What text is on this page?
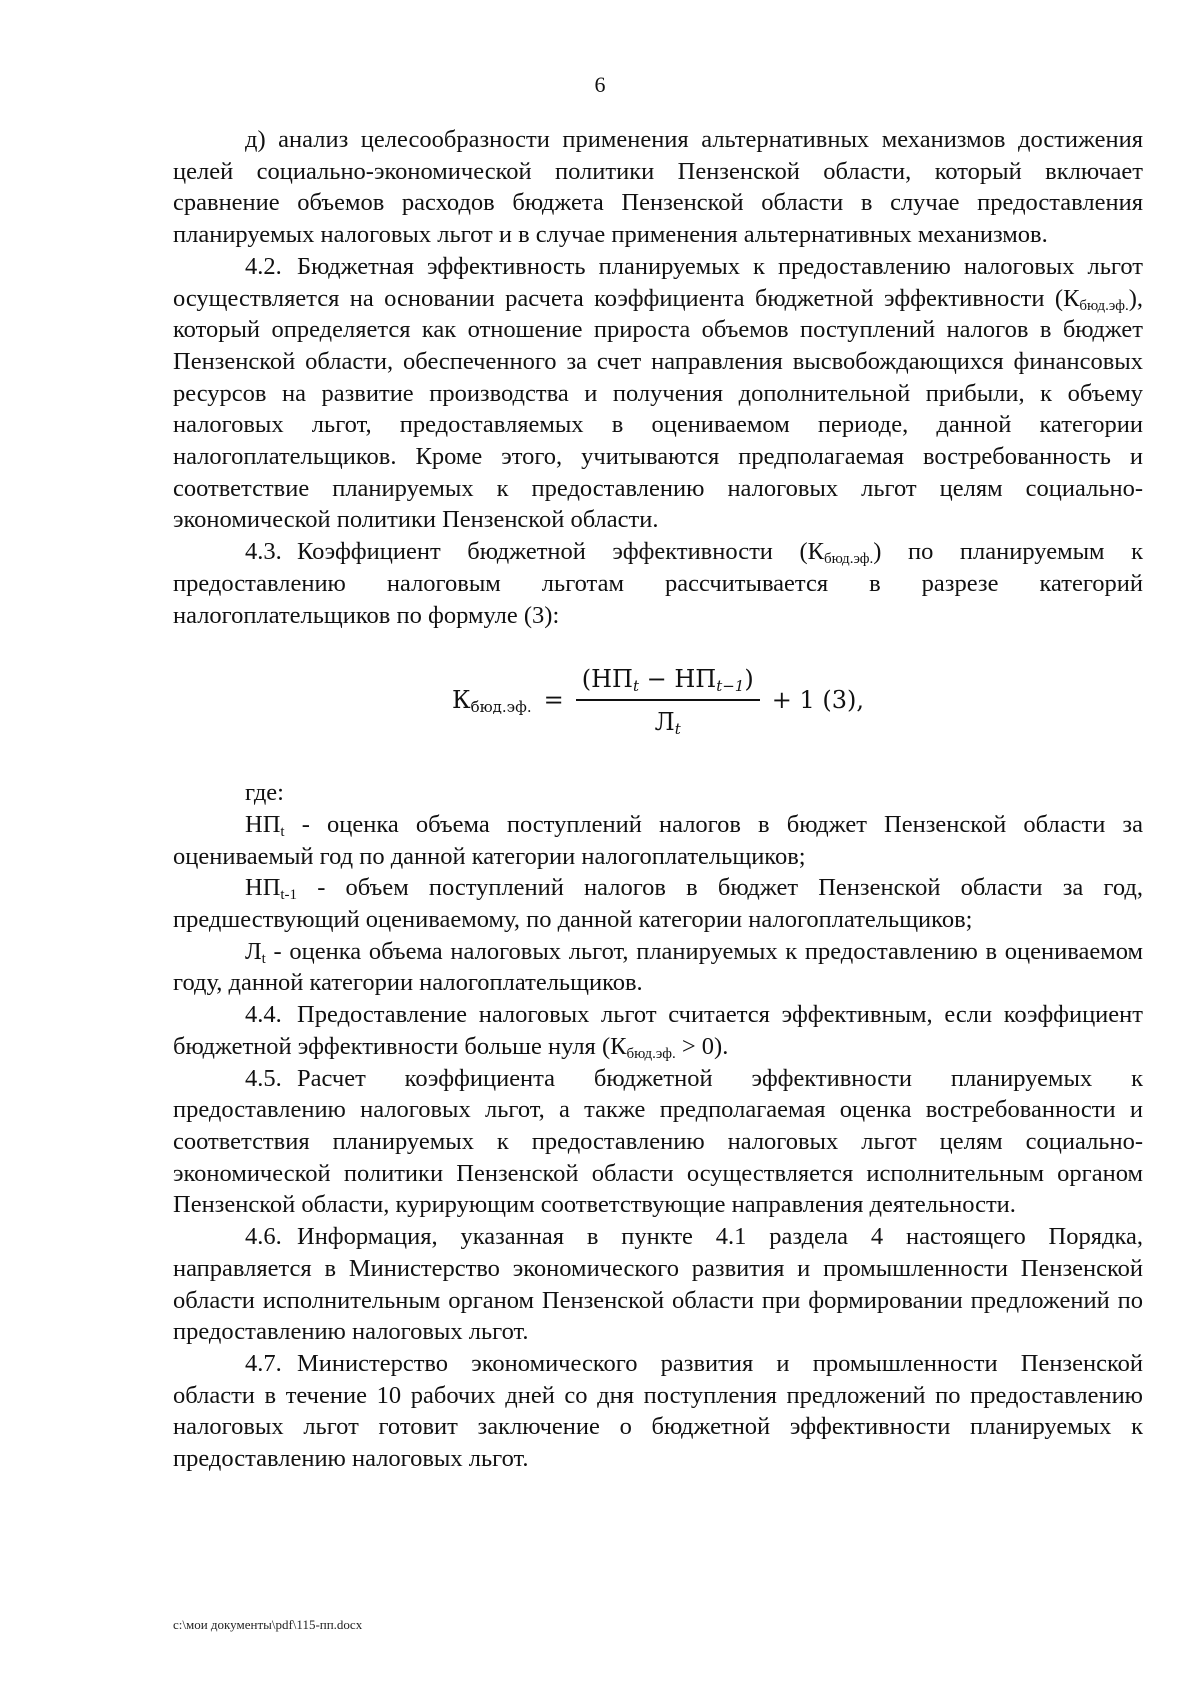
6

д) анализ целесообразности применения альтернативных механизмов достижения целей социально-экономической политики Пензенской области, который включает сравнение объемов расходов бюджета Пензенской области в случае предоставления планируемых налоговых льгот и в случае применения альтернативных механизмов.

4.2. Бюджетная эффективность планируемых к предоставлению налоговых льгот осуществляется на основании расчета коэффициента бюджетной эффективности $(К_{бюд.эф.})$, который определяется как отношение прироста объемов поступлений налогов в бюджет Пензенской области, обеспеченного за счет направления высвобождающихся финансовых ресурсов на развитие производства и получения дополнительной прибыли, к объему налоговых льгот, предоставляемых в оцениваемом периоде, данной категории налогоплательщиков. Кроме этого, учитываются предполагаемая востребованность и соответствие планируемых к предоставлению налоговых льгот целям социально-экономической политики Пензенской области.

4.3. Коэффициент бюджетной эффективности $(К_{бюд.эф.})$ по планируемым к предоставлению налоговым льготам рассчитывается в разрезе категорий налогоплательщиков по формуле (3):

$К_{бюд.эф.} = \frac{(НП_t - НП_{t-1})}{Л_t} + 1$ (3),

где:

$НП_t$ - оценка объема поступлений налогов в бюджет Пензенской области за оцениваемый год по данной категории налогоплательщиков;

$НП_{t-1}$ - объем поступлений налогов в бюджет Пензенской области за год, предшествующий оцениваемому, по данной категории налогоплательщиков;

$Л_t$ - оценка объема налоговых льгот, планируемых к предоставлению в оцениваемом году, данной категории налогоплательщиков.

4.4. Предоставление налоговых льгот считается эффективным, если коэффициент бюджетной эффективности больше нуля $(К_{бюд.эф.} > 0)$.

4.5. Расчет коэффициента бюджетной эффективности планируемых к предоставлению налоговых льгот, а также предполагаемая оценка востребованности и соответствия планируемых к предоставлению налоговых льгот целям социально-экономической политики Пензенской области осуществляется исполнительным органом Пензенской области, курирующим соответствующие направления деятельности.

4.6. Информация, указанная в пункте 4.1 раздела 4 настоящего Порядка, направляется в Министерство экономического развития и промышленности Пензенской области исполнительным органом Пензенской области при формировании предложений по предоставлению налоговых льгот.

4.7. Министерство экономического развития и промышленности Пензенской области в течение 10 рабочих дней со дня поступления предложений по предоставлению налоговых льгот готовит заключение о бюджетной эффективности планируемых к предоставлению налоговых льгот.

c:\мои документы\pdf\115-пп.docx
